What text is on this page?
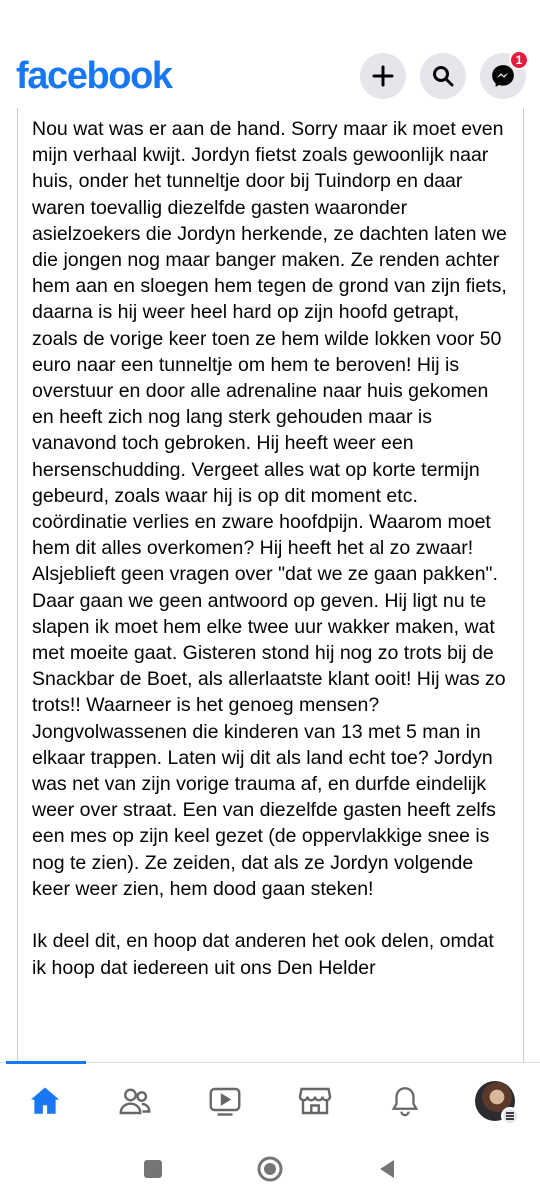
facebook	1
Nou wat was er aan de hand. Sorry maar ik moet even mijn verhaal kwijt. Jordyn fietst zoals gewoonlijk naar huis, onder het tunneltje door bij Tuindorp en daar waren toevallig diezelfde gasten waaronder asielzoekers die Jordyn herkende, ze dachten laten we die jongen nog maar banger maken. Ze renden achter hem aan en sloegen hem tegen de grond van zijn fiets, daarna is hij weer heel hard op zijn hoofd getrapt, zoals de vorige keer toen ze hem wilde lokken voor 50 euro naar een tunneltje om hem te beroven! Hij is overstuur en door alle adrenaline naar huis gekomen en heeft zich nog lang sterk gehouden maar is vanavond toch gebroken. Hij heeft weer een hersenschudding. Vergeet alles wat op korte termijn gebeurd, zoals waar hij is op dit moment etc. coördinatie verlies en zware hoofdpijn. Waarom moet hem dit alles overkomen? Hij heeft het al zo zwaar! Alsjeblieft geen vragen over "dat we ze gaan pakken". Daar gaan we geen antwoord op geven. Hij ligt nu te slapen ik moet hem elke twee uur wakker maken, wat met moeite gaat. Gisteren stond hij nog zo trots bij de Snackbar de Boet, als allerlaatste klant ooit! Hij was zo trots!! Waarneer is het genoeg mensen? Jongvolwassenen die kinderen van 13 met 5 man in elkaar trappen. Laten wij dit als land echt toe? Jordyn was net van zijn vorige trauma af, en durfde eindelijk weer over straat. Een van diezelfde gasten heeft zelfs een mes op zijn keel gezet (de oppervlakkige snee is nog te zien). Ze zeiden, dat als ze Jordyn volgende keer weer zien, hem dood gaan steken!

Ik deel dit, en hoop dat anderen het ook delen, omdat ik hoop dat iedereen uit ons Den Helder
